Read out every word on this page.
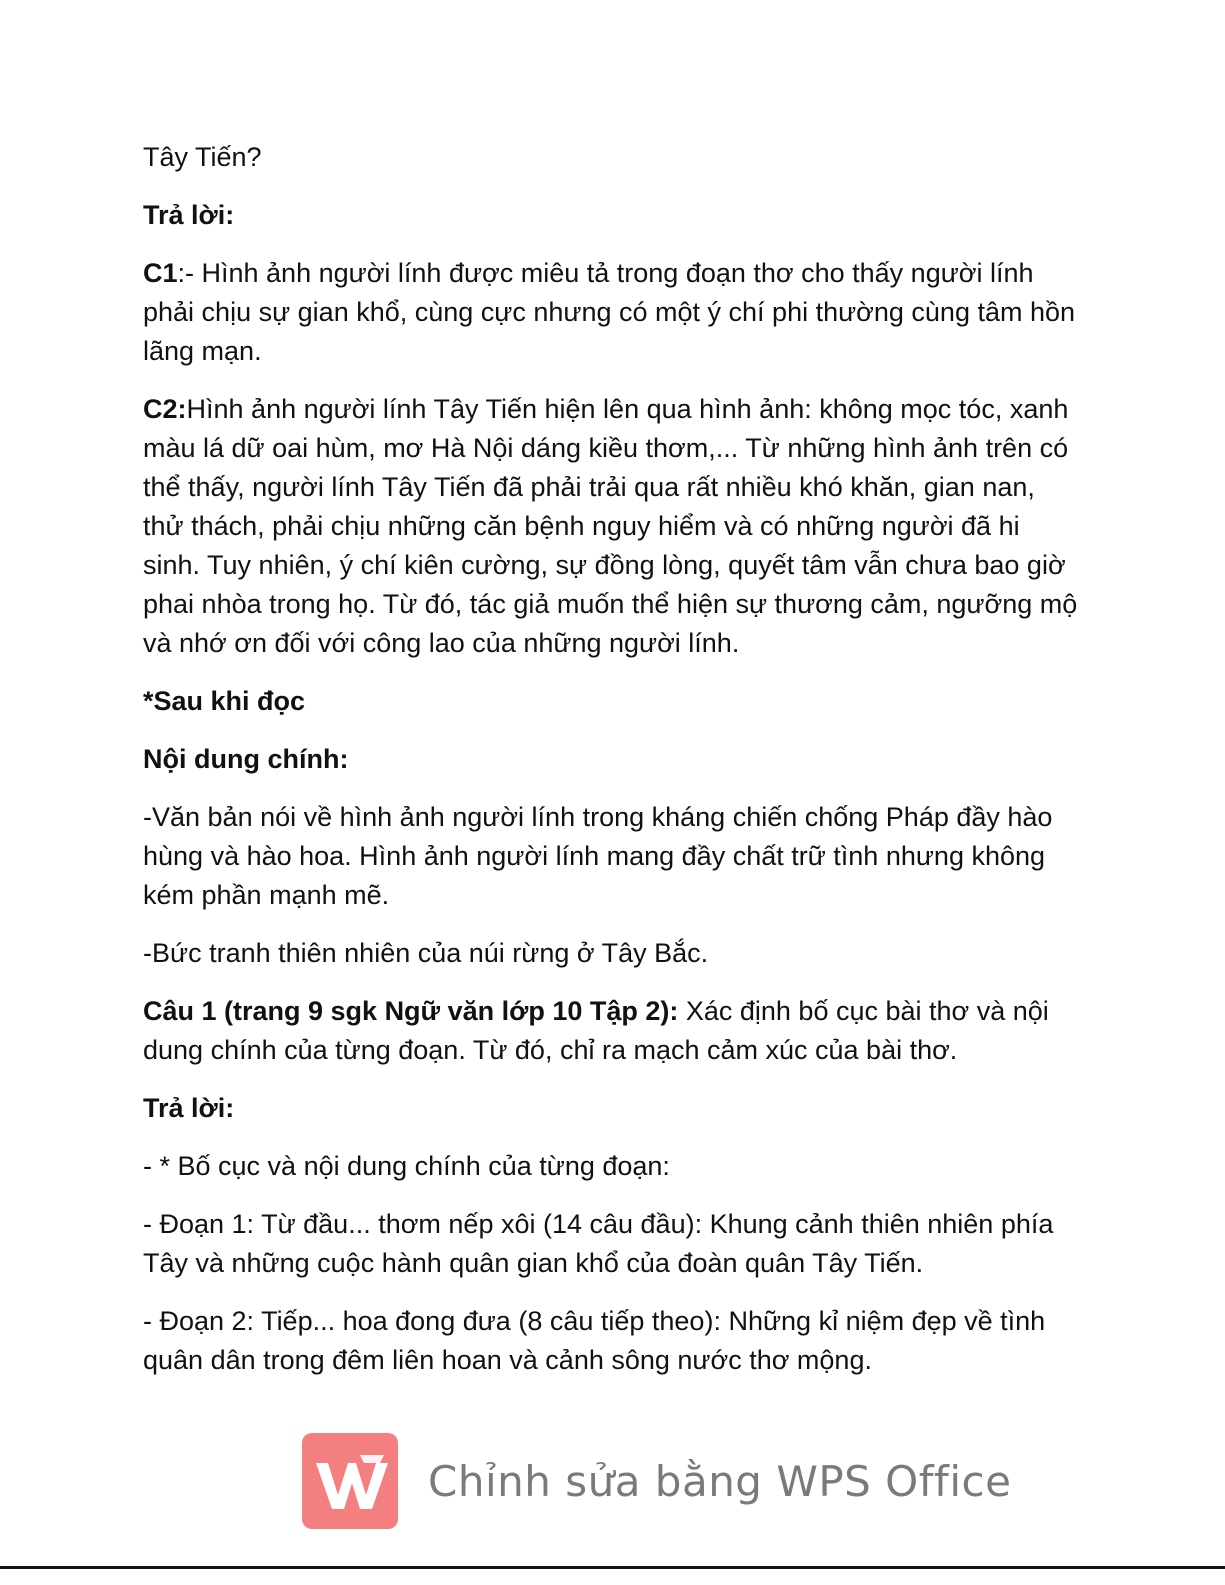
Tây Tiến?

Trả lời:

C1:- Hình ảnh người lính được miêu tả trong đoạn thơ cho thấy người lính phải chịu sự gian khổ, cùng cực nhưng có một ý chí phi thường cùng tâm hồn lãng mạn.

C2:Hình ảnh người lính Tây Tiến hiện lên qua hình ảnh: không mọc tóc, xanh màu lá dữ oai hùm, mơ Hà Nội dáng kiều thơm,... Từ những hình ảnh trên có thể thấy, người lính Tây Tiến đã phải trải qua rất nhiều khó khăn, gian nan, thử thách, phải chịu những căn bệnh nguy hiểm và có những người đã hi sinh. Tuy nhiên, ý chí kiên cường, sự đồng lòng, quyết tâm vẫn chưa bao giờ phai nhòa trong họ. Từ đó, tác giả muốn thể hiện sự thương cảm, ngưỡng mộ và nhớ ơn đối với công lao của những người lính.

*Sau khi đọc

Nội dung chính:

-Văn bản nói về hình ảnh người lính trong kháng chiến chống Pháp đầy hào hùng và hào hoa. Hình ảnh người lính mang đầy chất trữ tình nhưng không kém phần mạnh mẽ.

-Bức tranh thiên nhiên của núi rừng ở Tây Bắc.

Câu 1 (trang 9 sgk Ngữ văn lớp 10 Tập 2): Xác định bố cục bài thơ và nội dung chính của từng đoạn. Từ đó, chỉ ra mạch cảm xúc của bài thơ.

Trả lời:

- * Bố cục và nội dung chính của từng đoạn:

- Đoạn 1: Từ đầu... thơm nếp xôi (14 câu đầu): Khung cảnh thiên nhiên phía Tây và những cuộc hành quân gian khổ của đoàn quân Tây Tiến.

- Đoạn 2: Tiếp... hoa đong đưa (8 câu tiếp theo): Những kỉ niệm đẹp về tình quân dân trong đêm liên hoan và cảnh sông nước thơ mộng.

Chỉnh sửa bằng WPS Office
